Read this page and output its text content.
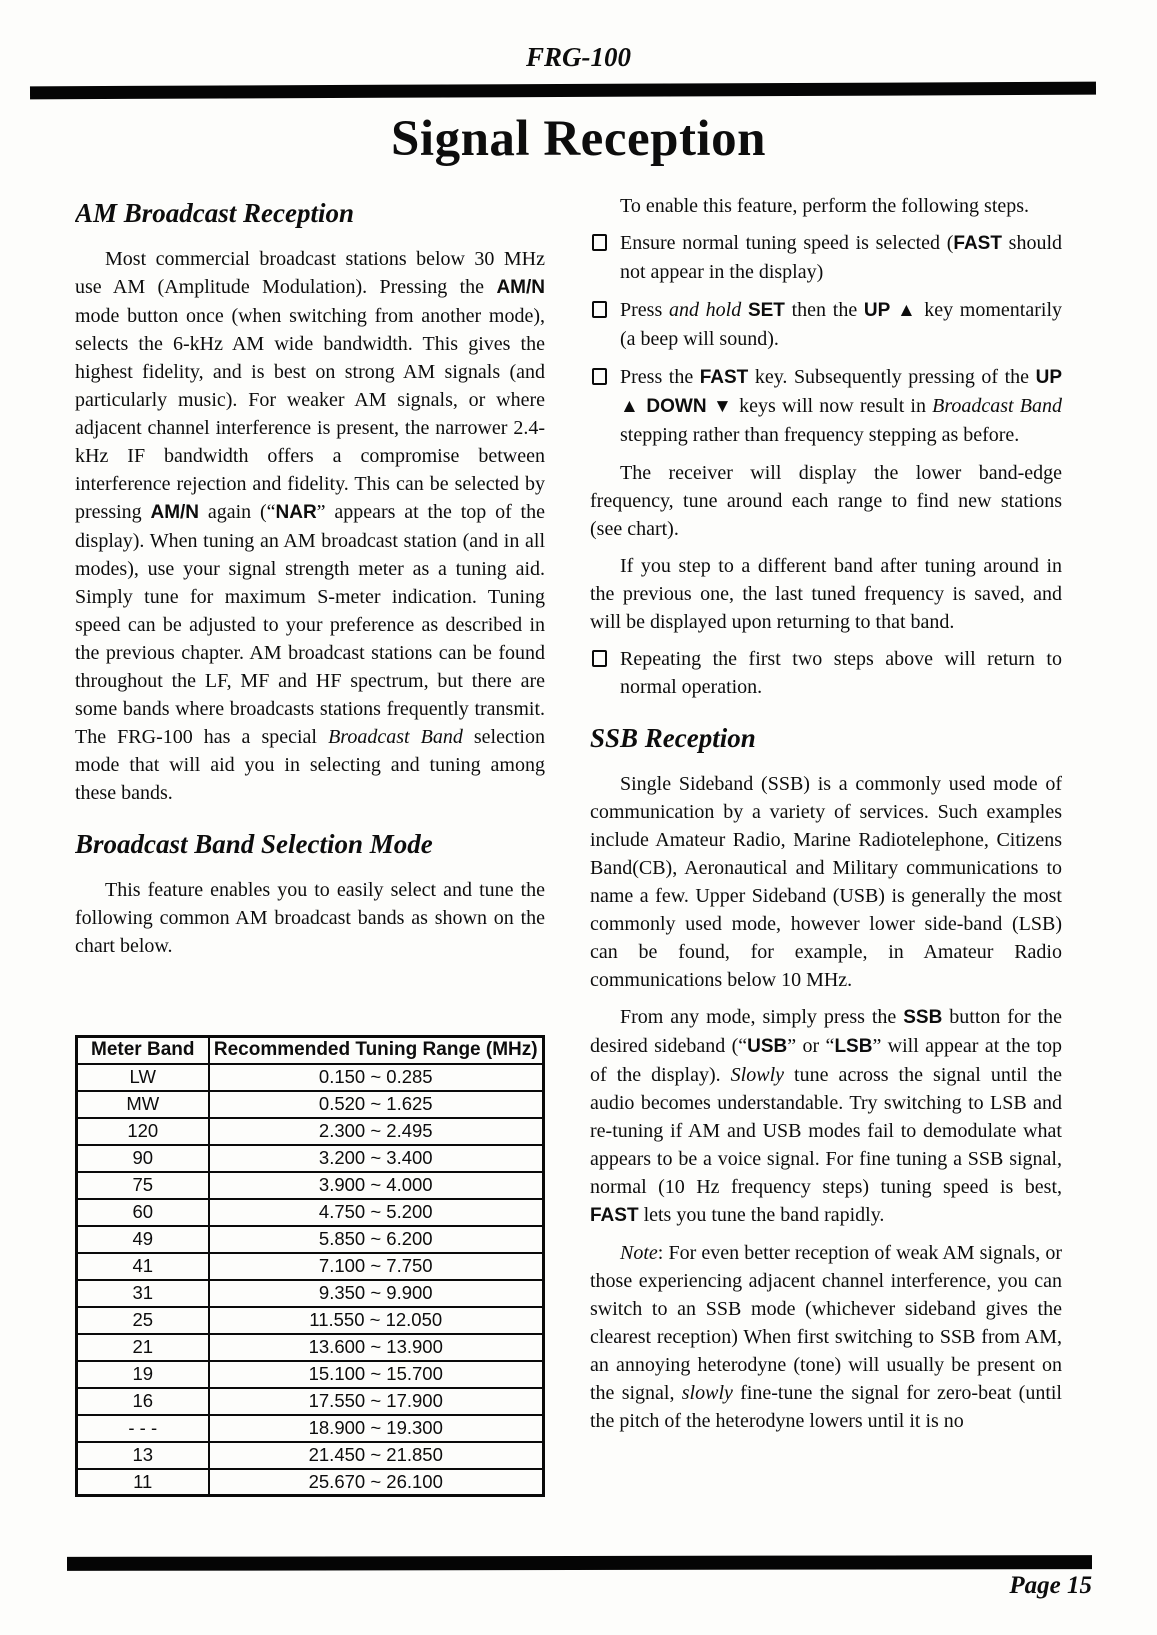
FRG-100
Signal Reception
AM Broadcast Reception

Most commercial broadcast stations below 30 MHz use AM (Amplitude Modulation). Pressing the AM/N mode button once (when switching from another mode), selects the 6-kHz AM wide bandwidth. This gives the highest fidelity, and is best on strong AM signals (and particularly music). For weaker AM signals, or where adjacent channel interference is present, the narrower 2.4- kHz IF bandwidth offers a compromise between interference rejection and fidelity. This can be selected by pressing AM/N again (“NAR” appears at the top of the display). When tuning an AM broadcast station (and in all modes), use your signal strength meter as a tuning aid. Simply tune for maximum S-meter indication. Tuning speed can be adjusted to your preference as described in the previous chapter. AM broadcast stations can be found throughout the LF, MF and HF spectrum, but there are some bands where broadcasts stations frequently transmit. The FRG-100 has a special Broadcast Band selection mode that will aid you in selecting and tuning among these bands.

Broadcast Band Selection Mode

This feature enables you to easily select and tune the following common AM broadcast bands as shown on the chart below.

Meter Band	Recommended Tuning Range (MHz)
LW	0.150 ~ 0.285
MW	0.520 ~ 1.625
120	2.300 ~ 2.495
90	3.200 ~ 3.400
75	3.900 ~ 4.000
60	4.750 ~ 5.200
49	5.850 ~ 6.200
41	7.100 ~ 7.750
31	9.350 ~ 9.900
25	11.550 ~ 12.050
21	13.600 ~ 13.900
19	15.100 ~ 15.700
16	17.550 ~ 17.900
- - -	18.900 ~ 19.300
13	21.450 ~ 21.850
11	25.670 ~ 26.100

To enable this feature, perform the following steps.

Ensure normal tuning speed is selected (FAST should not appear in the display)
Press and hold SET then the UP ▲ key momentarily (a beep will sound).
Press the FAST key. Subsequently pressing of the UP ▲ DOWN ▼ keys will now result in Broadcast Band stepping rather than frequency stepping as before.

The receiver will display the lower band-edge frequency, tune around each range to find new stations (see chart).

If you step to a different band after tuning around in the previous one, the last tuned frequency is saved, and will be displayed upon returning to that band.

Repeating the first two steps above will return to normal operation.
SSB Reception

Single Sideband (SSB) is a commonly used mode of communication by a variety of services. Such examples include Amateur Radio, Marine Radiotelephone, Citizens Band(CB), Aeronautical and Military communications to name a few. Upper Sideband (USB) is generally the most commonly used mode, however lower side-band (LSB) can be found, for example, in Amateur Radio communications below 10 MHz.

From any mode, simply press the SSB button for the desired sideband (“USB” or “LSB” will appear at the top of the display). Slowly tune across the signal until the audio becomes understandable. Try switching to LSB and re-tuning if AM and USB modes fail to demodulate what appears to be a voice signal. For fine tuning a SSB signal, normal (10 Hz frequency steps) tuning speed is best, FAST lets you tune the band rapidly.

Note: For even better reception of weak AM signals, or those experiencing adjacent channel interference, you can switch to an SSB mode (whichever sideband gives the clearest reception) When first switching to SSB from AM, an annoying heterodyne (tone) will usually be present on the signal, slowly fine-tune the signal for zero-beat (until the pitch of the heterodyne lowers until it is no

Page 15
